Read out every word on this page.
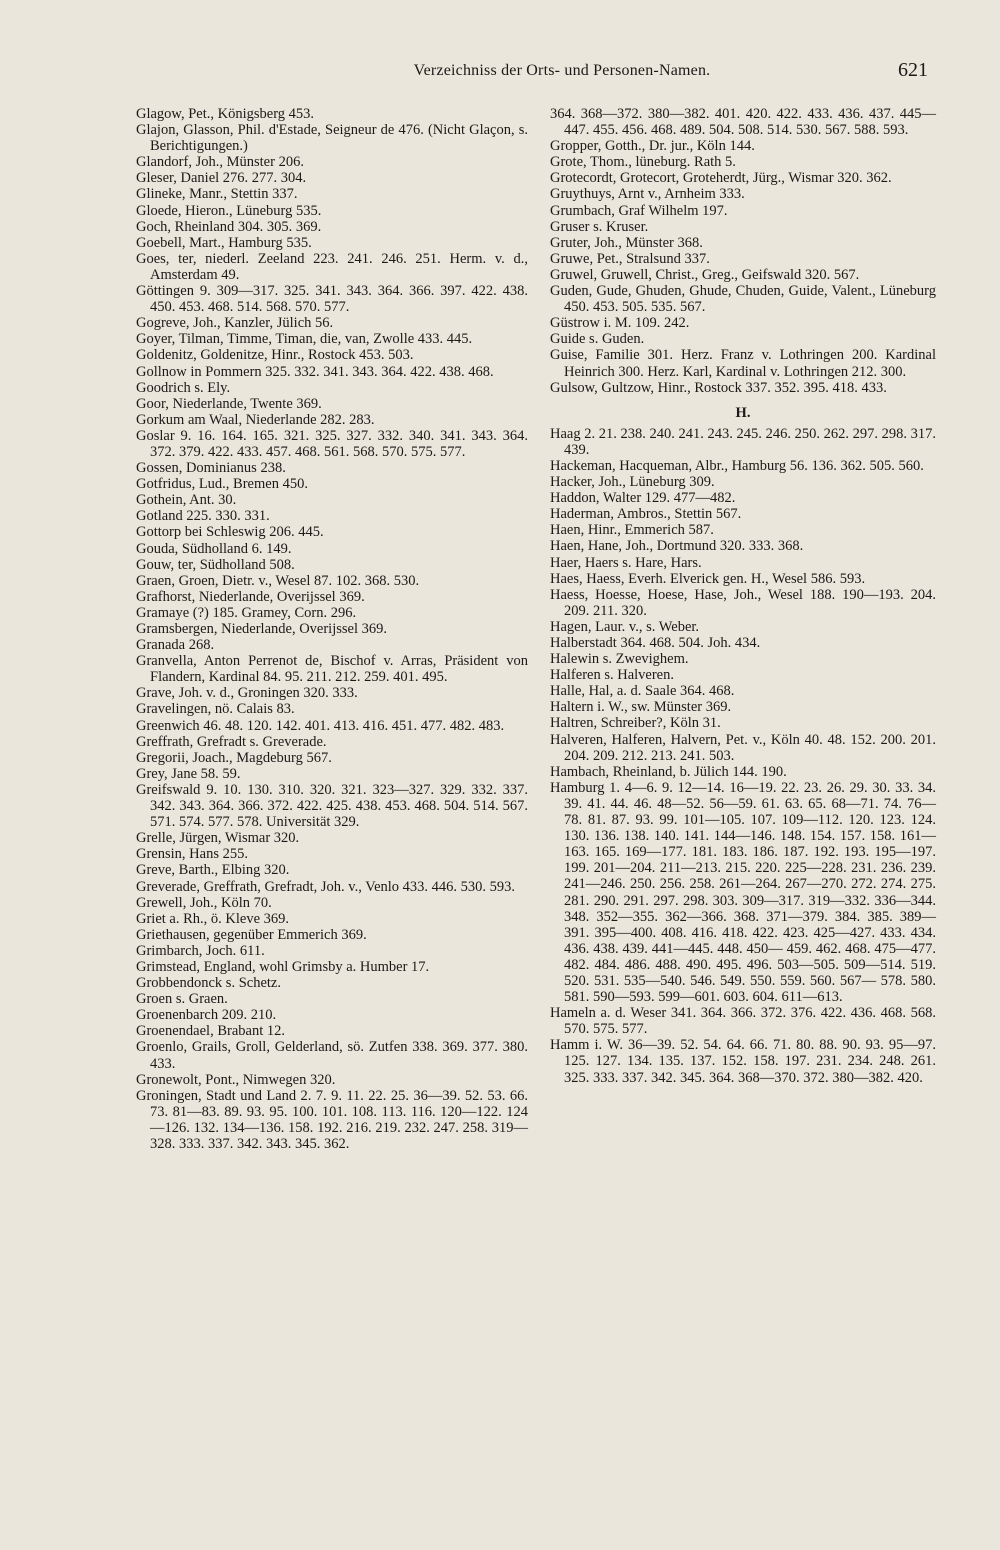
Verzeichniss der Orts- und Personen-Namen.	621
Glagow, Pet., Königsberg 453.
Glajon, Glasson, Phil. d'Estade, Seigneur de 476. (Nicht Glaçon, s. Berichtigungen.)
Glandorf, Joh., Münster 206.
Gleser, Daniel 276. 277. 304.
Glineke, Manr., Stettin 337.
Gloede, Hieron., Lüneburg 535.
Goch, Rheinland 304. 305. 369.
Goebell, Mart., Hamburg 535.
Goes, ter, niederl. Zeeland 223. 241. 246. 251. Herm. v. d., Amsterdam 49.
Göttingen 9. 309—317. 325. 341. 343. 364. 366. 397. 422. 438. 450. 453. 468. 514. 568. 570. 577.
Gogreve, Joh., Kanzler, Jülich 56.
Goyer, Tilman, Timme, Timan, die, van, Zwolle 433. 445.
Goldenitz, Goldenitze, Hinr., Rostock 453. 503.
Gollnow in Pommern 325. 332. 341. 343. 364. 422. 438. 468.
Goodrich s. Ely.
Goor, Niederlande, Twente 369.
Gorkum am Waal, Niederlande 282. 283.
Goslar 9. 16. 164. 165. 321. 325. 327. 332. 340. 341. 343. 364. 372. 379. 422. 433. 457. 468. 561. 568. 570. 575. 577.
Gossen, Dominianus 238.
Gotfridus, Lud., Bremen 450.
Gothein, Ant. 30.
Gotland 225. 330. 331.
Gottorp bei Schleswig 206. 445.
Gouda, Südholland 6. 149.
Gouw, ter, Südholland 508.
Graen, Groen, Dietr. v., Wesel 87. 102. 368. 530.
Grafhorst, Niederlande, Overijssel 369.
Gramaye (?) 185. Gramey, Corn. 296.
Gramsbergen, Niederlande, Overijssel 369.
Granada 268.
Granvella, Anton Perrenot de, Bischof v. Arras, Präsident von Flandern, Kardinal 84. 95. 211. 212. 259. 401. 495.
Grave, Joh. v. d., Groningen 320. 333.
Gravelingen, nö. Calais 83.
Greenwich 46. 48. 120. 142. 401. 413. 416. 451. 477. 482. 483.
Greffrath, Grefradt s. Greverade.
Gregorii, Joach., Magdeburg 567.
Grey, Jane 58. 59.
Greifswald 9. 10. 130. 310. 320. 321. 323—327. 329. 332. 337. 342. 343. 364. 366. 372. 422. 425. 438. 453. 468. 504. 514. 567. 571. 574. 577. 578. Universität 329.
Grelle, Jürgen, Wismar 320.
Grensin, Hans 255.
Greve, Barth., Elbing 320.
Greverade, Greffrath, Grefradt, Joh. v., Venlo 433. 446. 530. 593.
Grewell, Joh., Köln 70.
Griet a. Rh., ö. Kleve 369.
Griethausen, gegenüber Emmerich 369.
Grimbarch, Joch. 611.
Grimstead, England, wohl Grimsby a. Humber 17.
Grobbendonck s. Schetz.
Groen s. Graen.
Groenenbarch 209. 210.
Groenendael, Brabant 12.
Groenlo, Grails, Groll, Gelderland, sö. Zutfen 338. 369. 377. 380. 433.
Gronewolt, Pont., Nimwegen 320.
Groningen, Stadt und Land 2. 7. 9. 11. 22. 25. 36—39. 52. 53. 66. 73. 81—83. 89. 93. 95. 100. 101. 108. 113. 116. 120—122. 124—126. 132. 134—136. 158. 192. 216. 219. 232. 247. 258. 319—328. 333. 337. 342. 343. 345. 362.
364. 368—372. 380—382. 401. 420. 422. 433. 436. 437. 445—447. 455. 456. 468. 489. 504. 508. 514. 530. 567. 588. 593.
Gropper, Gotth., Dr. jur., Köln 144.
Grote, Thom., lüneburg. Rath 5.
Grotecordt, Grotecort, Groteherdt, Jürg., Wismar 320. 362.
Gruythuys, Arnt v., Arnheim 333.
Grumbach, Graf Wilhelm 197.
Gruser s. Kruser.
Gruter, Joh., Münster 368.
Gruwe, Pet., Stralsund 337.
Gruwel, Gruwell, Christ., Greg., Geifswald 320. 567.
Guden, Gude, Ghuden, Ghude, Chuden, Guide, Valent., Lüneburg 450. 453. 505. 535. 567.
Güstrow i. M. 109. 242.
Guide s. Guden.
Guise, Familie 301. Herz. Franz v. Lothringen 200. Kardinal Heinrich 300. Herz. Karl, Kardinal v. Lothringen 212. 300.
Gulsow, Gultzow, Hinr., Rostock 337. 352. 395. 418. 433.
H.
Haag 2. 21. 238. 240. 241. 243. 245. 246. 250. 262. 297. 298. 317. 439.
Hackeman, Hacqueman, Albr., Hamburg 56. 136. 362. 505. 560.
Hacker, Joh., Lüneburg 309.
Haddon, Walter 129. 477—482.
Haderman, Ambros., Stettin 567.
Haen, Hinr., Emmerich 587.
Haen, Hane, Joh., Dortmund 320. 333. 368.
Haer, Haers s. Hare, Hars.
Haes, Haess, Everh. Elverick gen. H., Wesel 586. 593.
Haess, Hoesse, Hoese, Hase, Joh., Wesel 188. 190—193. 204. 209. 211. 320.
Hagen, Laur. v., s. Weber.
Halberstadt 364. 468. 504. Joh. 434.
Halewin s. Zwevighem.
Halferen s. Halveren.
Halle, Hal, a. d. Saale 364. 468.
Haltern i. W., sw. Münster 369.
Haltren, Schreiber?, Köln 31.
Halveren, Halferen, Halvern, Pet. v., Köln 40. 48. 152. 200. 201. 204. 209. 212. 213. 241. 503.
Hambach, Rheinland, b. Jülich 144. 190.
Hamburg 1. 4—6. 9. 12—14. 16—19. 22. 23. 26. 29. 30. 33. 34. 39. 41. 44. 46. 48—52. 56—59. 61. 63. 65. 68—71. 74. 76—78. 81. 87. 93. 99. 101—105. 107. 109—112. 120. 123. 124. 130. 136. 138. 140. 141. 144—146. 148. 154. 157. 158. 161—163. 165. 169—177. 181. 183. 186. 187. 192. 193. 195—197. 199. 201—204. 211—213. 215. 220. 225—228. 231. 236. 239. 241—246. 250. 256. 258. 261—264. 267—270. 272. 274. 275. 281. 290. 291. 297. 298. 303. 309—317. 319—332. 336—344. 348. 352—355. 362—366. 368. 371—379. 384. 385. 389—391. 395—400. 408. 416. 418. 422. 423. 425—427. 433. 434. 436. 438. 439. 441—445. 448. 450— 459. 462. 468. 475—477. 482. 484. 486. 488. 490. 495. 496. 503—505. 509—514. 519. 520. 531. 535—540. 546. 549. 550. 559. 560. 567— 578. 580. 581. 590—593. 599—601. 603. 604. 611—613.
Hameln a. d. Weser 341. 364. 366. 372. 376. 422. 436. 468. 568. 570. 575. 577.
Hamm i. W. 36—39. 52. 54. 64. 66. 71. 80. 88. 90. 93. 95—97. 125. 127. 134. 135. 137. 152. 158. 197. 231. 234. 248. 261. 325. 333. 337. 342. 345. 364. 368—370. 372. 380—382. 420.
